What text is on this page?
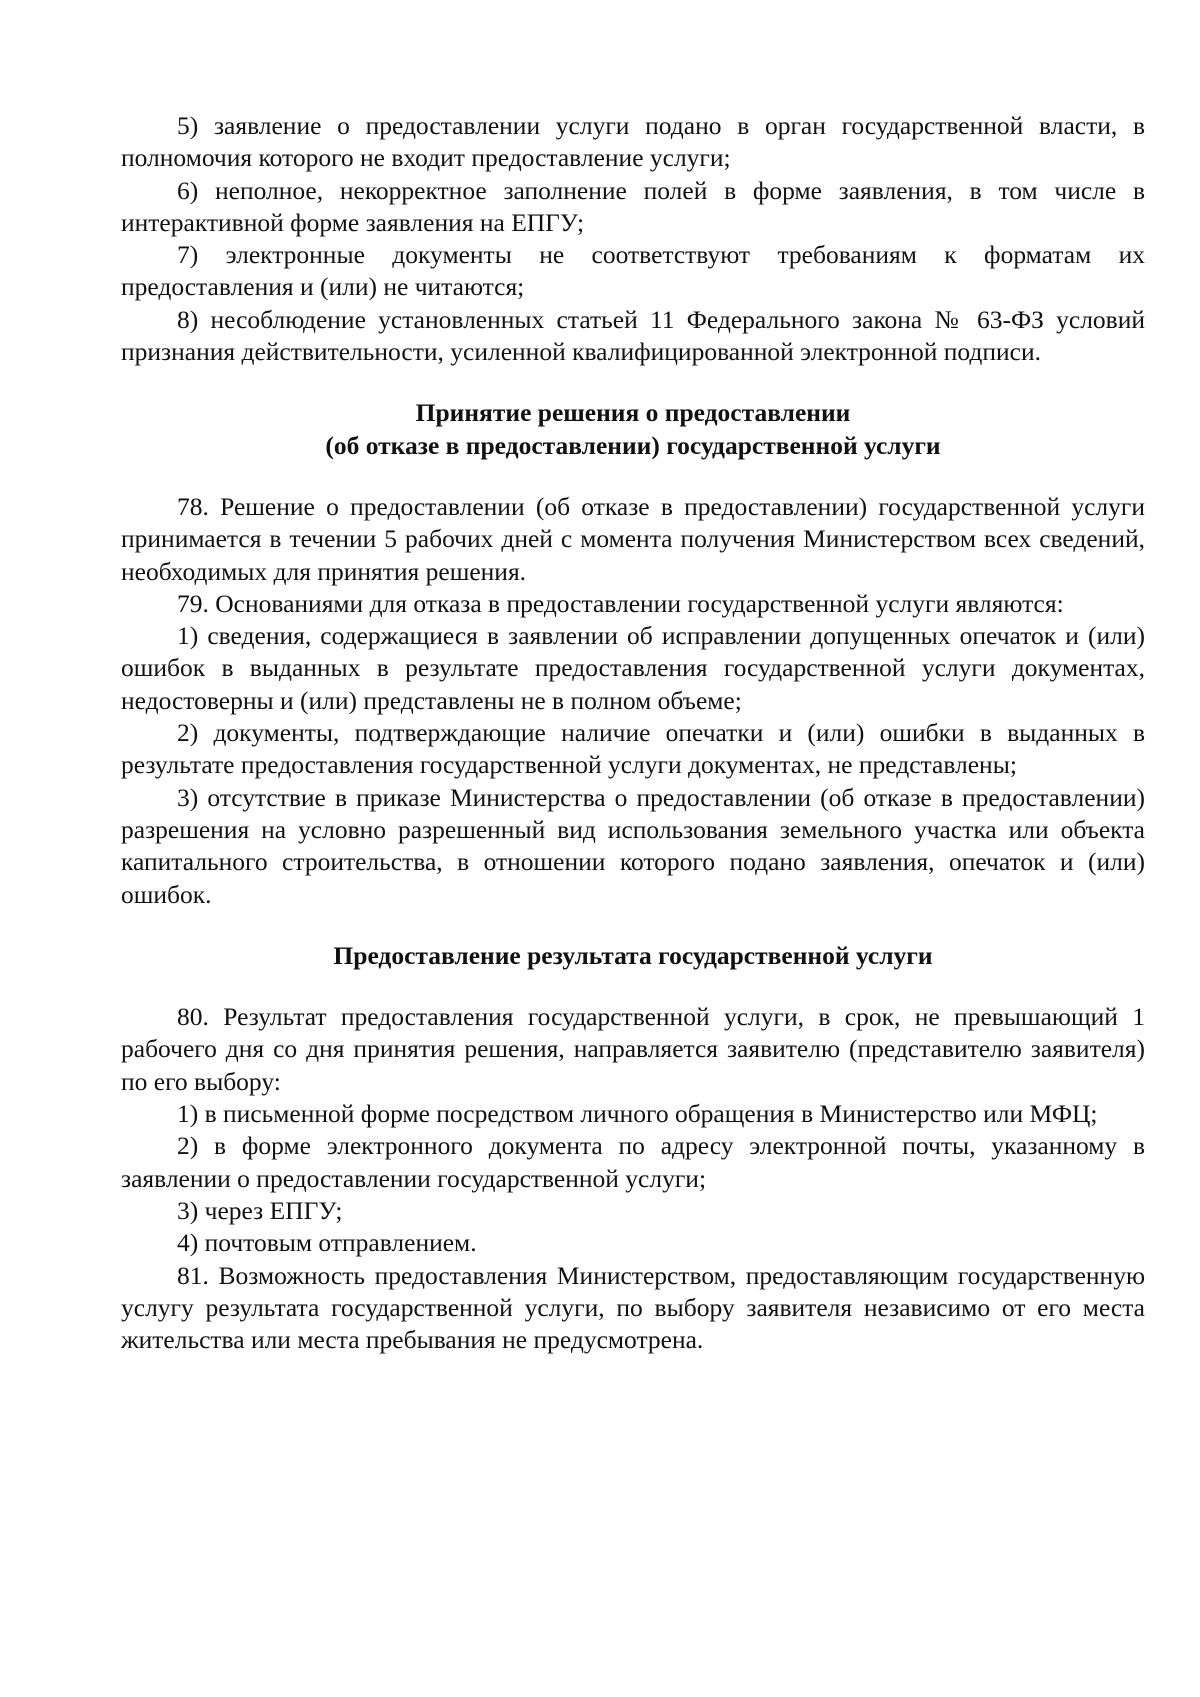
5) заявление о предоставлении услуги подано в орган государственной власти, в полномочия которого не входит предоставление услуги;

6) неполное, некорректное заполнение полей в форме заявления, в том числе в интерактивной форме заявления на ЕПГУ;

7) электронные документы не соответствуют требованиям к форматам их предоставления и (или) не читаются;

8) несоблюдение установленных статьей 11 Федерального закона № 63-ФЗ условий признания действительности, усиленной квалифицированной электронной подписи.

Принятие решения о предоставлении

(об отказе в предоставлении) государственной услуги

78. Решение о предоставлении (об отказе в предоставлении) государственной услуги принимается в течении 5 рабочих дней с момента получения Министерством всех сведений, необходимых для принятия решения.

79. Основаниями для отказа в предоставлении государственной услуги являются:

1) сведения, содержащиеся в заявлении об исправлении допущенных опечаток и (или) ошибок в выданных в результате предоставления государственной услуги документах, недостоверны и (или) представлены не в полном объеме;

2) документы, подтверждающие наличие опечатки и (или) ошибки в выданных в результате предоставления государственной услуги документах, не представлены;

3) отсутствие в приказе Министерства о предоставлении (об отказе в предоставлении) разрешения на условно разрешенный вид использования земельного участка или объекта капитального строительства, в отношении которого подано заявления, опечаток и (или) ошибок.

Предоставление результата государственной услуги

80. Результат предоставления государственной услуги, в срок, не превышающий 1 рабочего дня со дня принятия решения, направляется заявителю (представителю заявителя) по его выбору:

1) в письменной форме посредством личного обращения в Министерство или МФЦ;

2) в форме электронного документа по адресу электронной почты, указанному в заявлении о предоставлении государственной услуги;

3) через ЕПГУ;

4) почтовым отправлением.

81. Возможность предоставления Министерством, предоставляющим государственную услугу результата государственной услуги, по выбору заявителя независимо от его места жительства или места пребывания не предусмотрена.
